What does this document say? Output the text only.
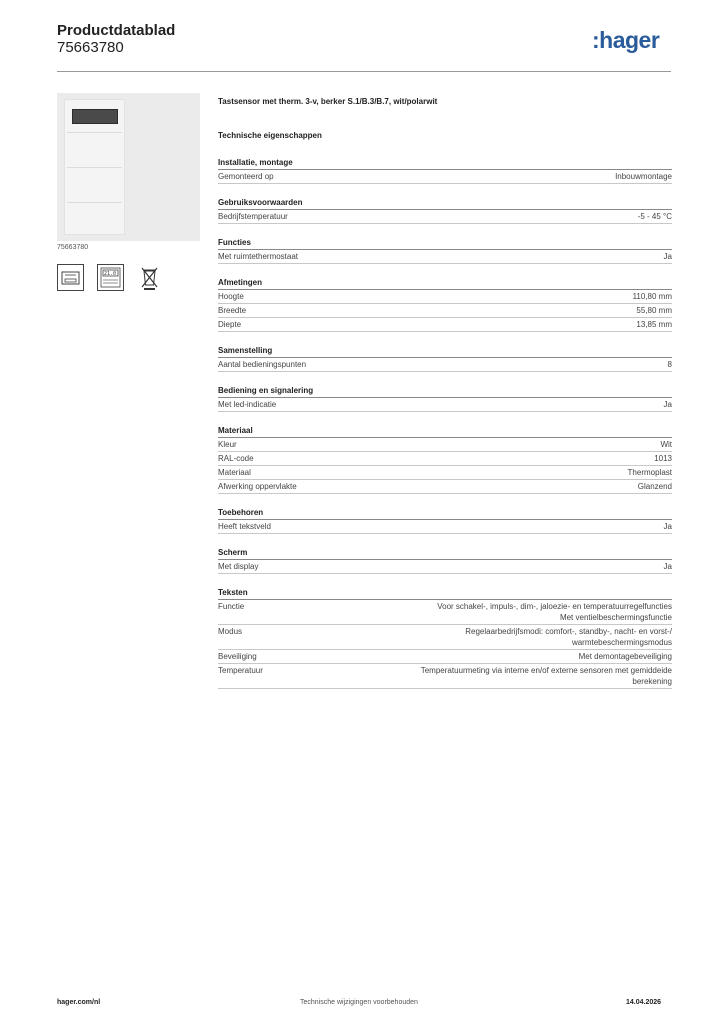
Productdatablad
75663780	:hager
75663780
21.0
Tastsensor met therm. 3-v, berker S.1/B.3/B.7, wit/polarwit
Technische eigenschappen
Installatie, montage
Gemonteerd op	Inbouwmontage
Gebruiksvoorwaarden
Bedrijfstemperatuur	-5 - 45 °C
Functies
Met ruimtethermostaat	Ja
Afmetingen
Hoogte	110,80 mm
Breedte	55,80 mm
Diepte	13,85 mm
Samenstelling
Aantal bedieningspunten	8
Bediening en signalering
Met led-indicatie	Ja
Materiaal
Kleur	Wit
RAL-code	1013
Materiaal	Thermoplast
Afwerking oppervlakte	Glanzend
Toebehoren
Heeft tekstveld	Ja
Scherm
Met display	Ja
Teksten
Functie	Voor schakel-, impuls-, dim-, jaloezie- en temperatuurregelfuncties
Met ventielbeschermingsfunctie
Modus	Regelaarbedrijfsmodi: comfort-, standby-, nacht- en vorst-/
warmtebeschermingsmodus
Beveiliging	Met demontagebeveiliging
Temperatuur	Temperatuurmeting via interne en/of externe sensoren met gemiddeide
berekening
hager.com/nl	Technische wijzigingen voorbehouden	14.04.2026
